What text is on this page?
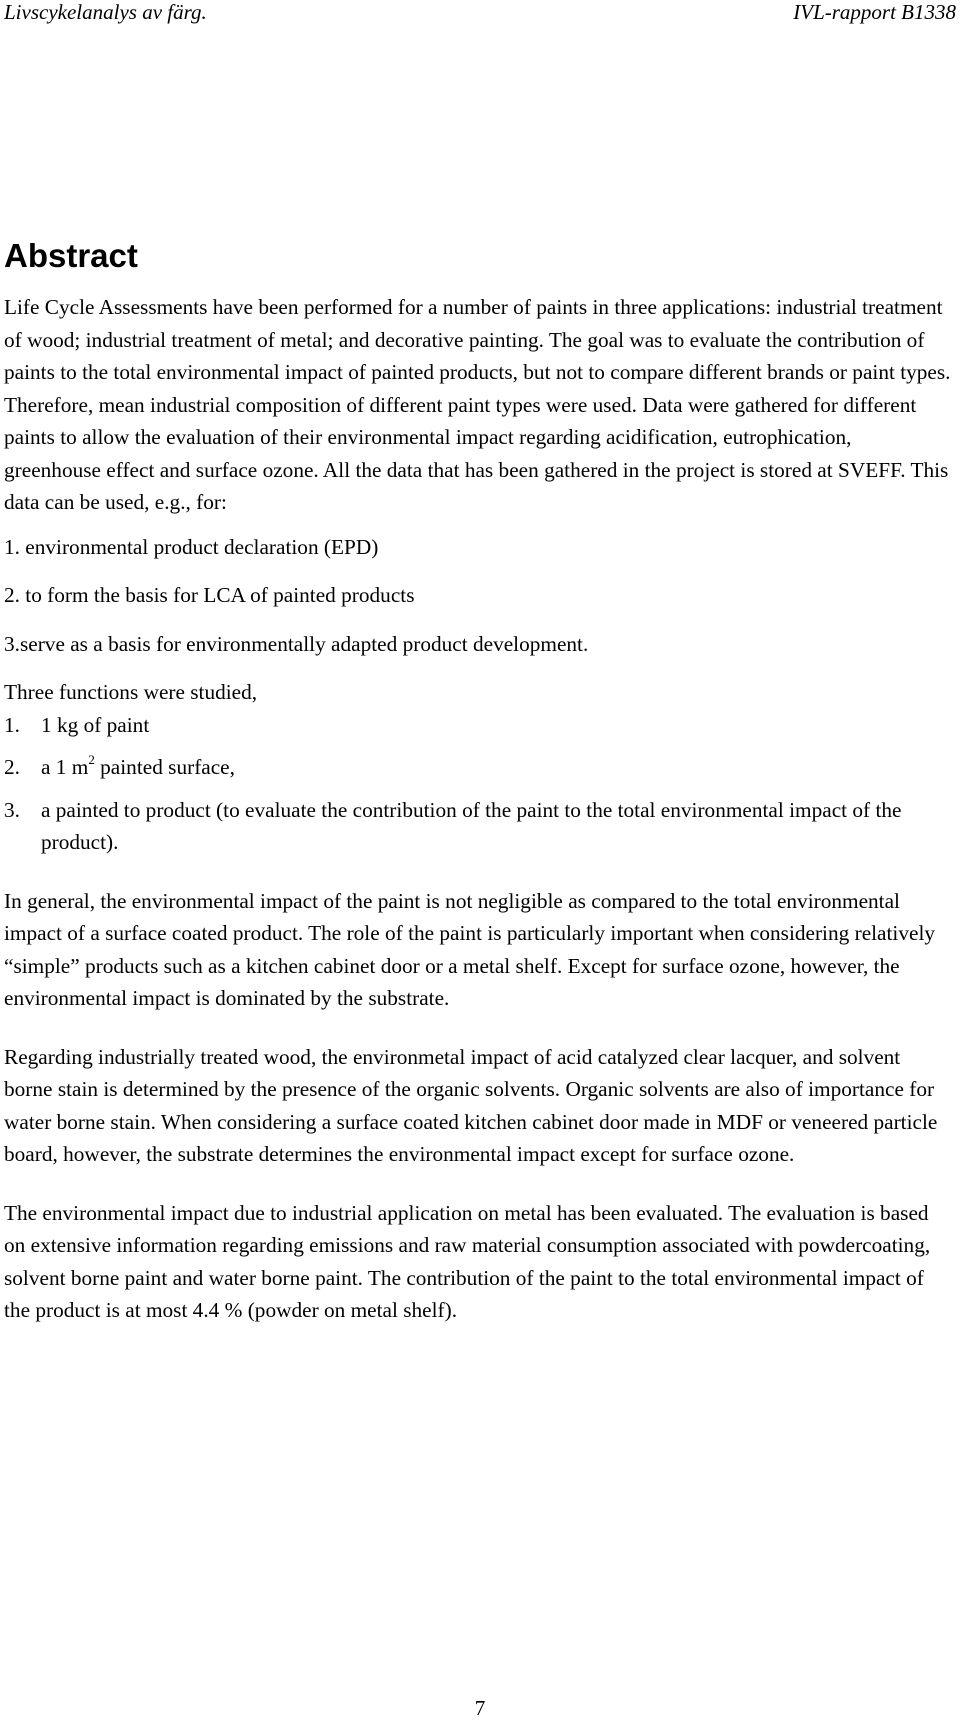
Livscykelanalys av färg.	IVL-rapport B1338
Abstract

Life Cycle Assessments have been performed for a number of paints in three applications: industrial treatment of wood; industrial treatment of metal; and decorative painting. The goal was to evaluate the contribution of paints to the total environmental impact of painted products, but not to compare different brands or paint types. Therefore, mean industrial composition of different paint types were used. Data were gathered for different paints to allow the evaluation of their environmental impact regarding acidification, eutrophication, greenhouse effect and surface ozone. All the data that has been gathered in the project is stored at SVEFF. This data can be used, e.g., for:

1. environmental product declaration (EPD)

2. to form the basis for LCA of painted products

3.serve as a basis for environmentally adapted product development.

Three functions were studied,

1. 1 kg of paint

2. a 1 $m^2$ painted surface,

3. a painted to product (to evaluate the contribution of the paint to the total environmental impact of the product).

In general, the environmental impact of the paint is not negligible as compared to the total environmental impact of a surface coated product. The role of the paint is particularly important when considering relatively “simple” products such as a kitchen cabinet door or a metal shelf. Except for surface ozone, however, the environmental impact is dominated by the substrate.

Regarding industrially treated wood, the environmetal impact of acid catalyzed clear lacquer, and solvent borne stain is determined by the presence of the organic solvents. Organic solvents are also of importance for water borne stain. When considering a surface coated kitchen cabinet door made in MDF or veneered particle board, however, the substrate determines the environmental impact except for surface ozone.

The environmental impact due to industrial application on metal has been evaluated. The evaluation is based on extensive information regarding emissions and raw material consumption associated with powdercoating, solvent borne paint and water borne paint. The contribution of the paint to the total environmental impact of the product is at most 4.4 % (powder on metal shelf).

7
